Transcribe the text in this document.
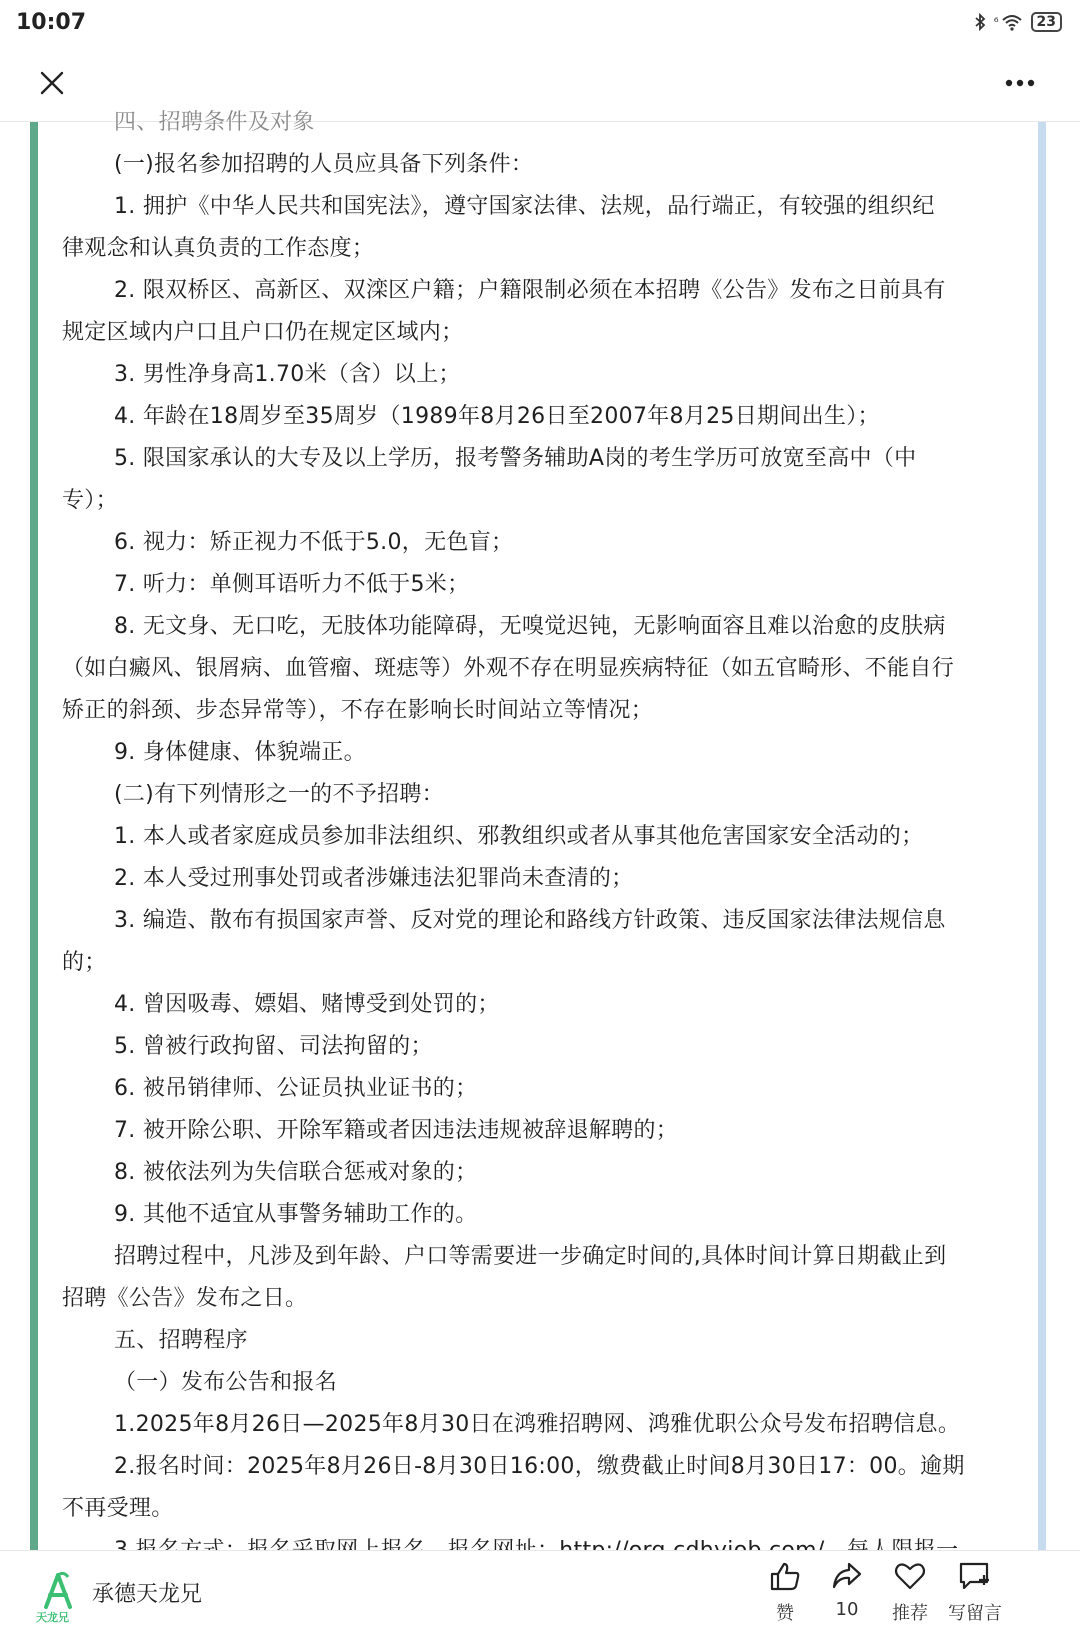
10:07	⁶	23

四、招聘条件及对象

(一)报名参加招聘的人员应具备下列条件：

1. 拥护《中华人民共和国宪法》，遵守国家法律、法规，品行端正，有较强的组织纪

律观念和认真负责的工作态度；

2. 限双桥区、高新区、双滦区户籍；户籍限制必须在本招聘《公告》发布之日前具有

规定区域内户口且户口仍在规定区域内；

3. 男性净身高1.70米（含）以上；

4. 年龄在18周岁至35周岁（1989年8月26日至2007年8月25日期间出生）；

5. 限国家承认的大专及以上学历，报考警务辅助A岗的考生学历可放宽至高中（中

专）；

6. 视力：矫正视力不低于5.0，无色盲；

7. 听力：单侧耳语听力不低于5米；

8. 无文身、无口吃，无肢体功能障碍，无嗅觉迟钝，无影响面容且难以治愈的皮肤病

（如白癜风、银屑病、血管瘤、斑痣等）外观不存在明显疾病特征（如五官畸形、不能自行

矫正的斜颈、步态异常等），不存在影响长时间站立等情况；

9. 身体健康、体貌端正。

(二)有下列情形之一的不予招聘：

1. 本人或者家庭成员参加非法组织、邪教组织或者从事其他危害国家安全活动的；

2. 本人受过刑事处罚或者涉嫌违法犯罪尚未查清的；

3. 编造、散布有损国家声誉、反对党的理论和路线方针政策、违反国家法律法规信息

的；

4. 曾因吸毒、嫖娼、赌博受到处罚的；

5. 曾被行政拘留、司法拘留的；

6. 被吊销律师、公证员执业证书的；

7. 被开除公职、开除军籍或者因违法违规被辞退解聘的；

8. 被依法列为失信联合惩戒对象的；

9. 其他不适宜从事警务辅助工作的。

招聘过程中，凡涉及到年龄、户口等需要进一步确定时间的,具体时间计算日期截止到

招聘《公告》发布之日。

五、招聘程序

（一）发布公告和报名

1.2025年8月26日—2025年8月30日在鸿雅招聘网、鸿雅优职公众号发布招聘信息。

2.报名时间：2025年8月26日-8月30日16:00，缴费截止时间8月30日17：00。逾期

不再受理。

天龙兄
承德天龙兄
赞	10	推荐	写留言
